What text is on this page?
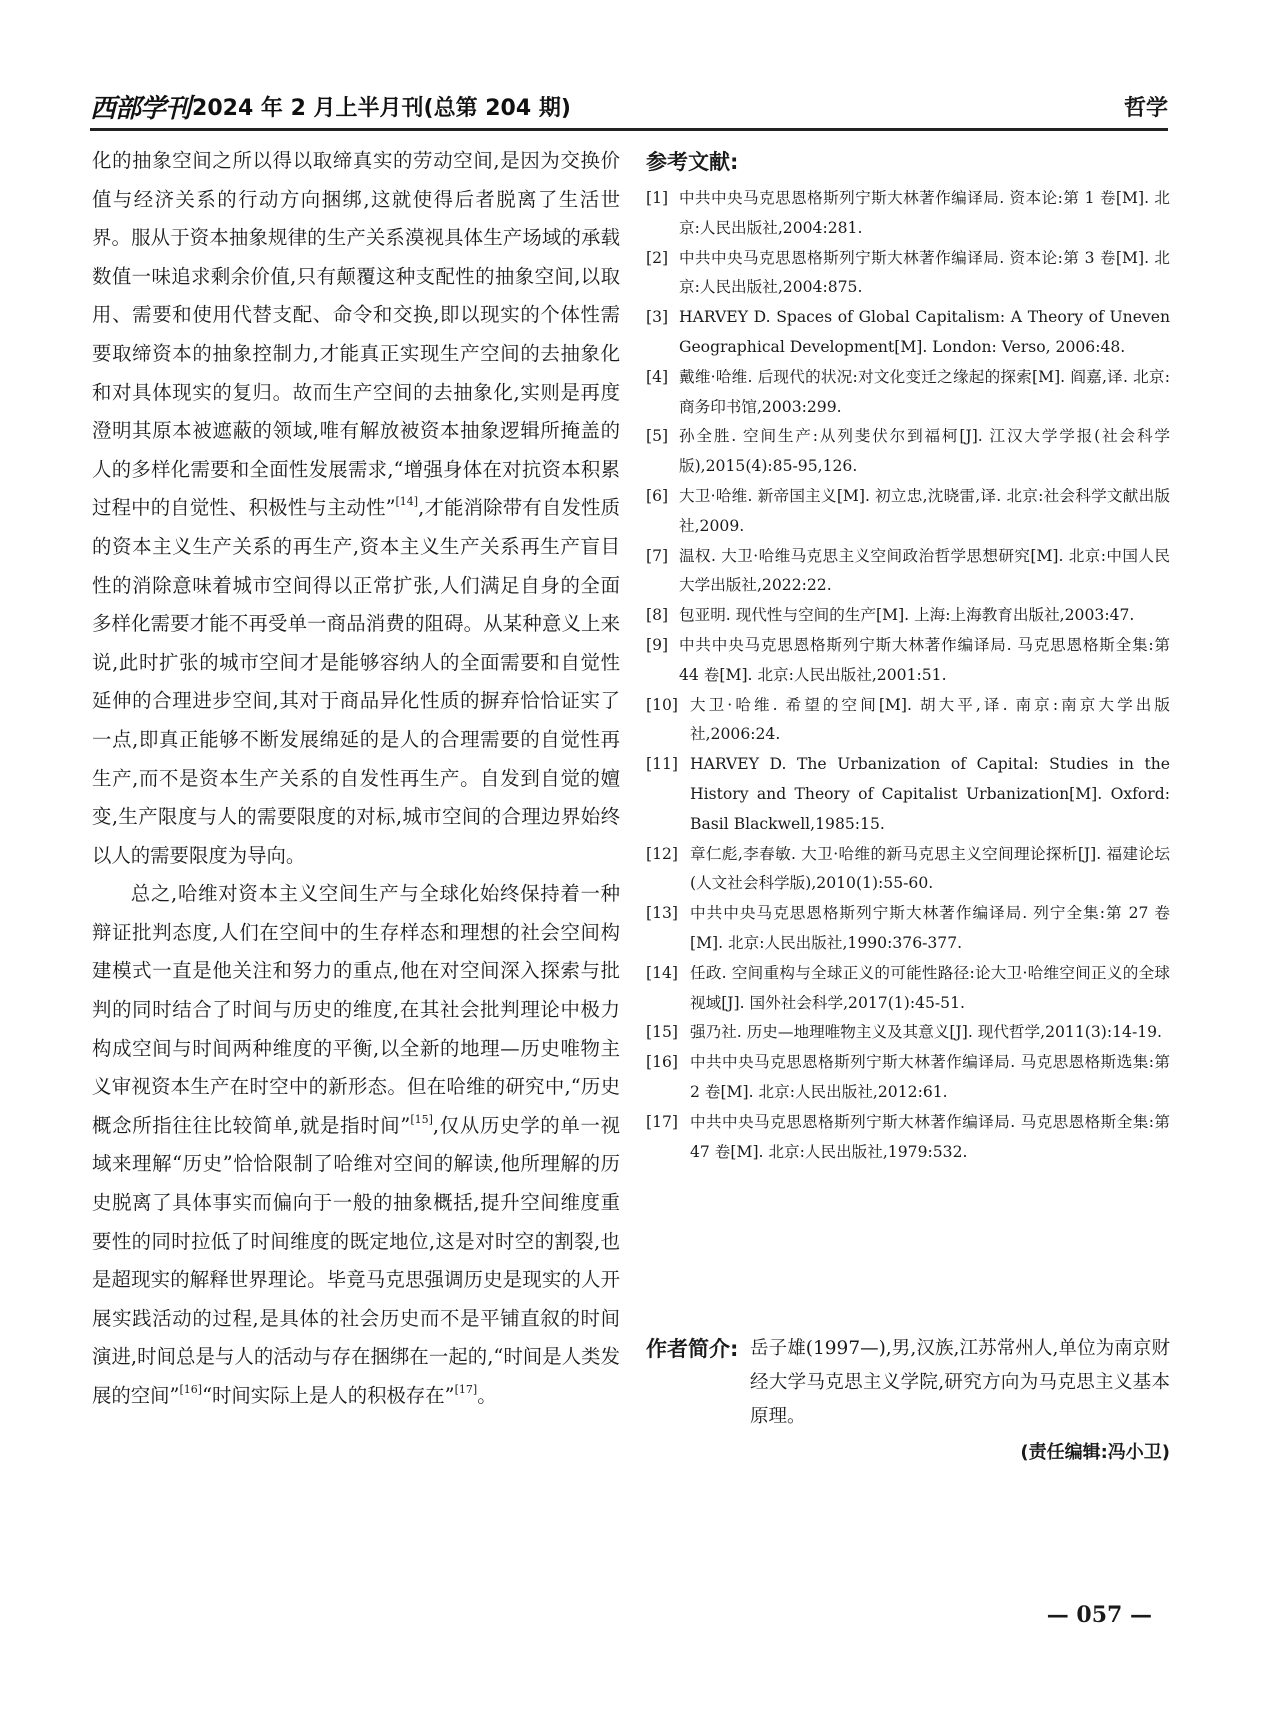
西部学刊 2024 年 2 月上半月刊(总第 204 期)	哲学

化的抽象空间之所以得以取缔真实的劳动空间,是因为交换价值与经济关系的行动方向捆绑,这就使得后者脱离了生活世界。服从于资本抽象规律的生产关系漠视具体生产场域的承载数值一味追求剩余价值,只有颠覆这种支配性的抽象空间,以取用、需要和使用代替支配、命令和交换,即以现实的个体性需要取缔资本的抽象控制力,才能真正实现生产空间的去抽象化和对具体现实的复归。故而生产空间的去抽象化,实则是再度澄明其原本被遮蔽的领域,唯有解放被资本抽象逻辑所掩盖的人的多样化需要和全面性发展需求,“增强身体在对抗资本积累过程中的自觉性、积极性与主动性”[14],才能消除带有自发性质的资本主义生产关系的再生产,资本主义生产关系再生产盲目性的消除意味着城市空间得以正常扩张,人们满足自身的全面多样化需要才能不再受单一商品消费的阻碍。从某种意义上来说,此时扩张的城市空间才是能够容纳人的全面需要和自觉性延伸的合理进步空间,其对于商品异化性质的摒弃恰恰证实了一点,即真正能够不断发展绵延的是人的合理需要的自觉性再生产,而不是资本生产关系的自发性再生产。自发到自觉的嬗变,生产限度与人的需要限度的对标,城市空间的合理边界始终以人的需要限度为导向。

总之,哈维对资本主义空间生产与全球化始终保持着一种辩证批判态度,人们在空间中的生存样态和理想的社会空间构建模式一直是他关注和努力的重点,他在对空间深入探索与批判的同时结合了时间与历史的维度,在其社会批判理论中极力构成空间与时间两种维度的平衡,以全新的地理—历史唯物主义审视资本生产在时空中的新形态。但在哈维的研究中,“历史概念所指往往比较简单,就是指时间”[15],仅从历史学的单一视域来理解“历史”恰恰限制了哈维对空间的解读,他所理解的历史脱离了具体事实而偏向于一般的抽象概括,提升空间维度重要性的同时拉低了时间维度的既定地位,这是对时空的割裂,也是超现实的解释世界理论。毕竟马克思强调历史是现实的人开展实践活动的过程,是具体的社会历史而不是平铺直叙的时间演进,时间总是与人的活动与存在捆绑在一起的,“时间是人类发展的空间”[16]“时间实际上是人的积极存在”[17]。

参考文献:
[1] 中共中央马克思恩格斯列宁斯大林著作编译局. 资本论:第 1 卷[M]. 北京:人民出版社,2004:281.
[2] 中共中央马克思恩格斯列宁斯大林著作编译局. 资本论:第 3 卷[M]. 北京:人民出版社,2004:875.
[3] HARVEY D. Spaces of Global Capitalism: A Theory of Uneven Geographical Development[M]. London: Verso, 2006:48.
[4] 戴维·哈维. 后现代的状况:对文化变迁之缘起的探索[M]. 阎嘉,译. 北京:商务印书馆,2003:299.
[5] 孙全胜. 空间生产:从列斐伏尔到福柯[J]. 江汉大学学报(社会科学版),2015(4):85-95,126.
[6] 大卫·哈维. 新帝国主义[M]. 初立忠,沈晓雷,译. 北京:社会科学文献出版社,2009.
[7] 温权. 大卫·哈维马克思主义空间政治哲学思想研究[M]. 北京:中国人民大学出版社,2022:22.
[8] 包亚明. 现代性与空间的生产[M]. 上海:上海教育出版社,2003:47.
[9] 中共中央马克思恩格斯列宁斯大林著作编译局. 马克思恩格斯全集:第 44 卷[M]. 北京:人民出版社,2001:51.
[10] 大卫·哈维. 希望的空间[M]. 胡大平,译. 南京:南京大学出版社,2006:24.
[11] HARVEY D. The Urbanization of Capital: Studies in the History and Theory of Capitalist Urbanization[M]. Oxford: Basil Blackwell,1985:15.
[12] 章仁彪,李春敏. 大卫·哈维的新马克思主义空间理论探析[J]. 福建论坛(人文社会科学版),2010(1):55-60.
[13] 中共中央马克思恩格斯列宁斯大林著作编译局. 列宁全集:第 27 卷[M]. 北京:人民出版社,1990:376-377.
[14] 任政. 空间重构与全球正义的可能性路径:论大卫·哈维空间正义的全球视域[J]. 国外社会科学,2017(1):45-51.
[15] 强乃社. 历史—地理唯物主义及其意义[J]. 现代哲学,2011(3):14-19.
[16] 中共中央马克思恩格斯列宁斯大林著作编译局. 马克思恩格斯选集:第 2 卷[M]. 北京:人民出版社,2012:61.
[17] 中共中央马克思恩格斯列宁斯大林著作编译局. 马克思恩格斯全集:第 47 卷[M]. 北京:人民出版社,1979:532.
作者简介: 岳子雄(1997—),男,汉族,江苏常州人,单位为南京财经大学马克思主义学院,研究方向为马克思主义基本原理。
(责任编辑:冯小卫)
— 057 —
